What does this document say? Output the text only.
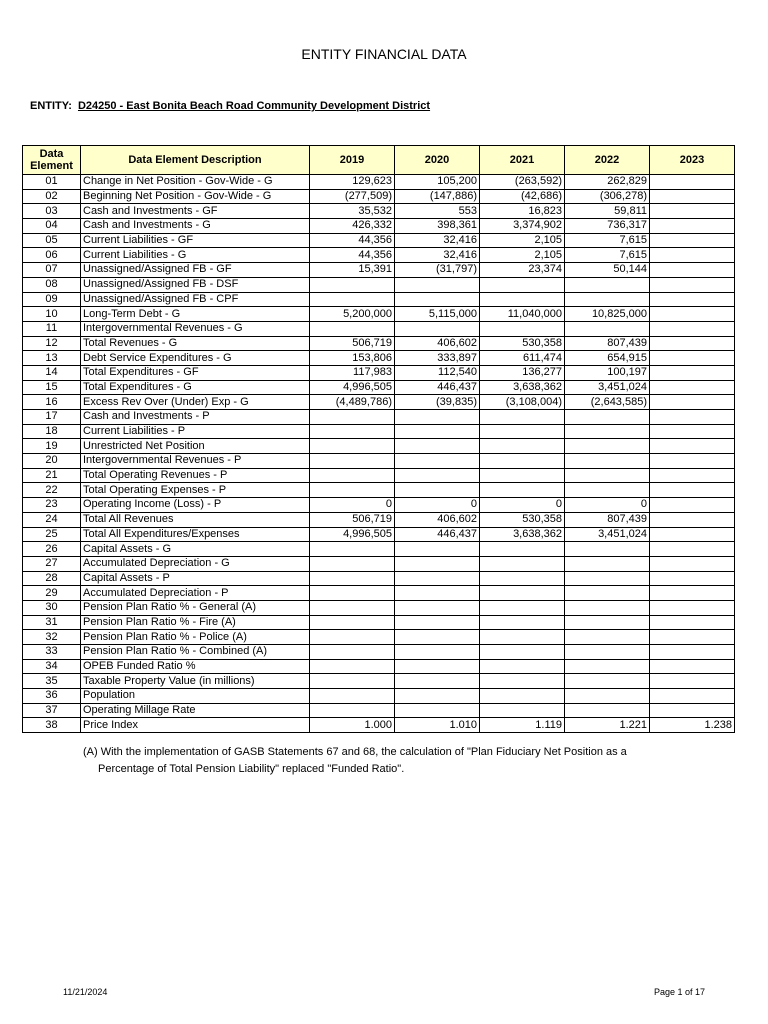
ENTITY FINANCIAL DATA
ENTITY: D24250 - East Bonita Beach Road Community Development District
Data
Element	Data Element Description	2019	2020	2021	2022	2023
01	Change in Net Position - Gov-Wide - G	129,623	105,200	(263,592)	262,829	
02	Beginning Net Position - Gov-Wide - G	(277,509)	(147,886)	(42,686)	(306,278)	
03	Cash and Investments - GF	35,532	553	16,823	59,811	
04	Cash and Investments - G	426,332	398,361	3,374,902	736,317	
05	Current Liabilities - GF	44,356	32,416	2,105	7,615	
06	Current Liabilities - G	44,356	32,416	2,105	7,615	
07	Unassigned/Assigned FB - GF	15,391	(31,797)	23,374	50,144	
08	Unassigned/Assigned FB - DSF					
09	Unassigned/Assigned FB - CPF					
10	Long-Term Debt - G	5,200,000	5,115,000	11,040,000	10,825,000	
11	Intergovernmental Revenues - G					
12	Total Revenues - G	506,719	406,602	530,358	807,439	
13	Debt Service Expenditures - G	153,806	333,897	611,474	654,915	
14	Total Expenditures - GF	117,983	112,540	136,277	100,197	
15	Total Expenditures - G	4,996,505	446,437	3,638,362	3,451,024	
16	Excess Rev Over (Under) Exp - G	(4,489,786)	(39,835)	(3,108,004)	(2,643,585)	
17	Cash and Investments - P					
18	Current Liabilities - P					
19	Unrestricted Net Position					
20	Intergovernmental Revenues - P					
21	Total Operating Revenues - P					
22	Total Operating Expenses - P					
23	Operating Income (Loss) - P	0	0	0	0	
24	Total All Revenues	506,719	406,602	530,358	807,439	
25	Total All Expenditures/Expenses	4,996,505	446,437	3,638,362	3,451,024	
26	Capital Assets - G					
27	Accumulated Depreciation - G					
28	Capital Assets - P					
29	Accumulated Depreciation - P					
30	Pension Plan Ratio % - General (A)					
31	Pension Plan Ratio % - Fire (A)					
32	Pension Plan Ratio % - Police (A)					
33	Pension Plan Ratio % - Combined (A)					
34	OPEB Funded Ratio %					
35	Taxable Property Value (in millions)					
36	Population					
37	Operating Millage Rate					
38	Price Index	1.000	1.010	1.119	1.221	1.238
(A) With the implementation of GASB Statements 67 and 68, the calculation of "Plan Fiduciary Net Position as a
Percentage of Total Pension Liability" replaced "Funded Ratio".
11/21/2024	Page 1 of 17
